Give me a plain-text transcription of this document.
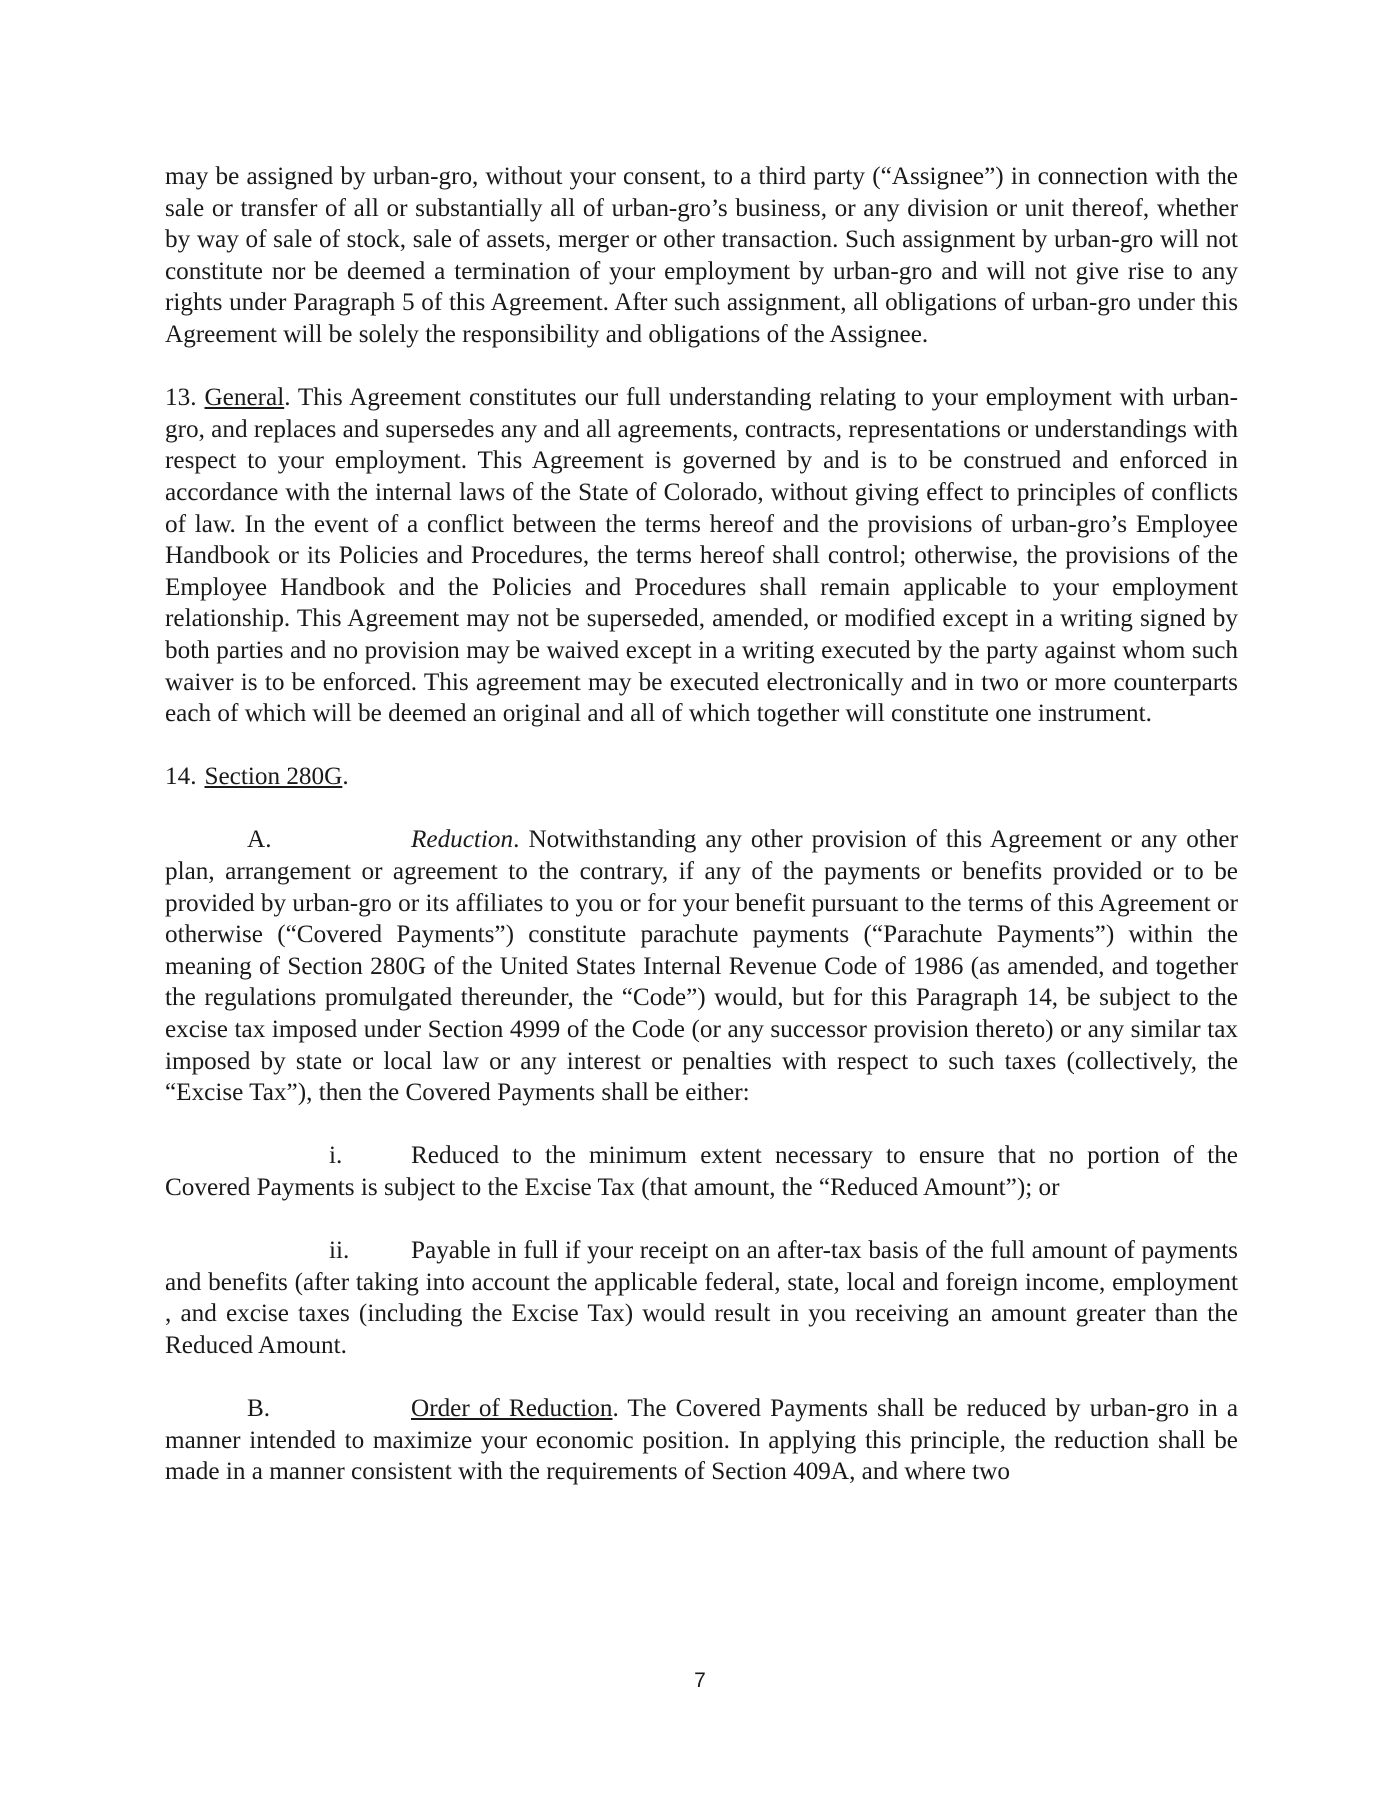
may be assigned by urban-gro, without your consent, to a third party (“Assignee”) in connection with the sale or transfer of all or substantially all of urban-gro’s business, or any division or unit thereof, whether by way of sale of stock, sale of assets, merger or other transaction. Such assignment by urban-gro will not constitute nor be deemed a termination of your employment by urban-gro and will not give rise to any rights under Paragraph 5 of this Agreement. After such assignment, all obligations of urban-gro under this Agreement will be solely the responsibility and obligations of the Assignee.

13. General. This Agreement constitutes our full understanding relating to your employment with urban-gro, and replaces and supersedes any and all agreements, contracts, representations or understandings with respect to your employment. This Agreement is governed by and is to be construed and enforced in accordance with the internal laws of the State of Colorado, without giving effect to principles of conflicts of law. In the event of a conflict between the terms hereof and the provisions of urban-gro’s Employee Handbook or its Policies and Procedures, the terms hereof shall control; otherwise, the provisions of the Employee Handbook and the Policies and Procedures shall remain applicable to your employment relationship. This Agreement may not be superseded, amended, or modified except in a writing signed by both parties and no provision may be waived except in a writing executed by the party against whom such waiver is to be enforced. This agreement may be executed electronically and in two or more counterparts each of which will be deemed an original and all of which together will constitute one instrument.

14. Section 280G.

A.	Reduction. Notwithstanding any other provision of this Agreement or any other plan, arrangement or agreement to the contrary, if any of the payments or benefits provided or to be provided by urban-gro or its affiliates to you or for your benefit pursuant to the terms of this Agreement or otherwise (“Covered Payments”) constitute parachute payments (“Parachute Payments”) within the meaning of Section 280G of the United States Internal Revenue Code of 1986 (as amended, and together the regulations promulgated thereunder, the “Code”) would, but for this Paragraph 14, be subject to the excise tax imposed under Section 4999 of the Code (or any successor provision thereto) or any similar tax imposed by state or local law or any interest or penalties with respect to such taxes (collectively, the “Excise Tax”), then the Covered Payments shall be either:

i.	Reduced to the minimum extent necessary to ensure that no portion of the Covered Payments is subject to the Excise Tax (that amount, the “Reduced Amount”); or

ii. Payable in full if your receipt on an after-tax basis of the full amount of payments and benefits (after taking into account the applicable federal, state, local and foreign income, employment , and excise taxes (including the Excise Tax) would result in you receiving an amount greater than the Reduced Amount.

B.	Order of Reduction. The Covered Payments shall be reduced by urban-gro in a manner intended to maximize your economic position. In applying this principle, the reduction shall be made in a manner consistent with the requirements of Section 409A, and where two

7
